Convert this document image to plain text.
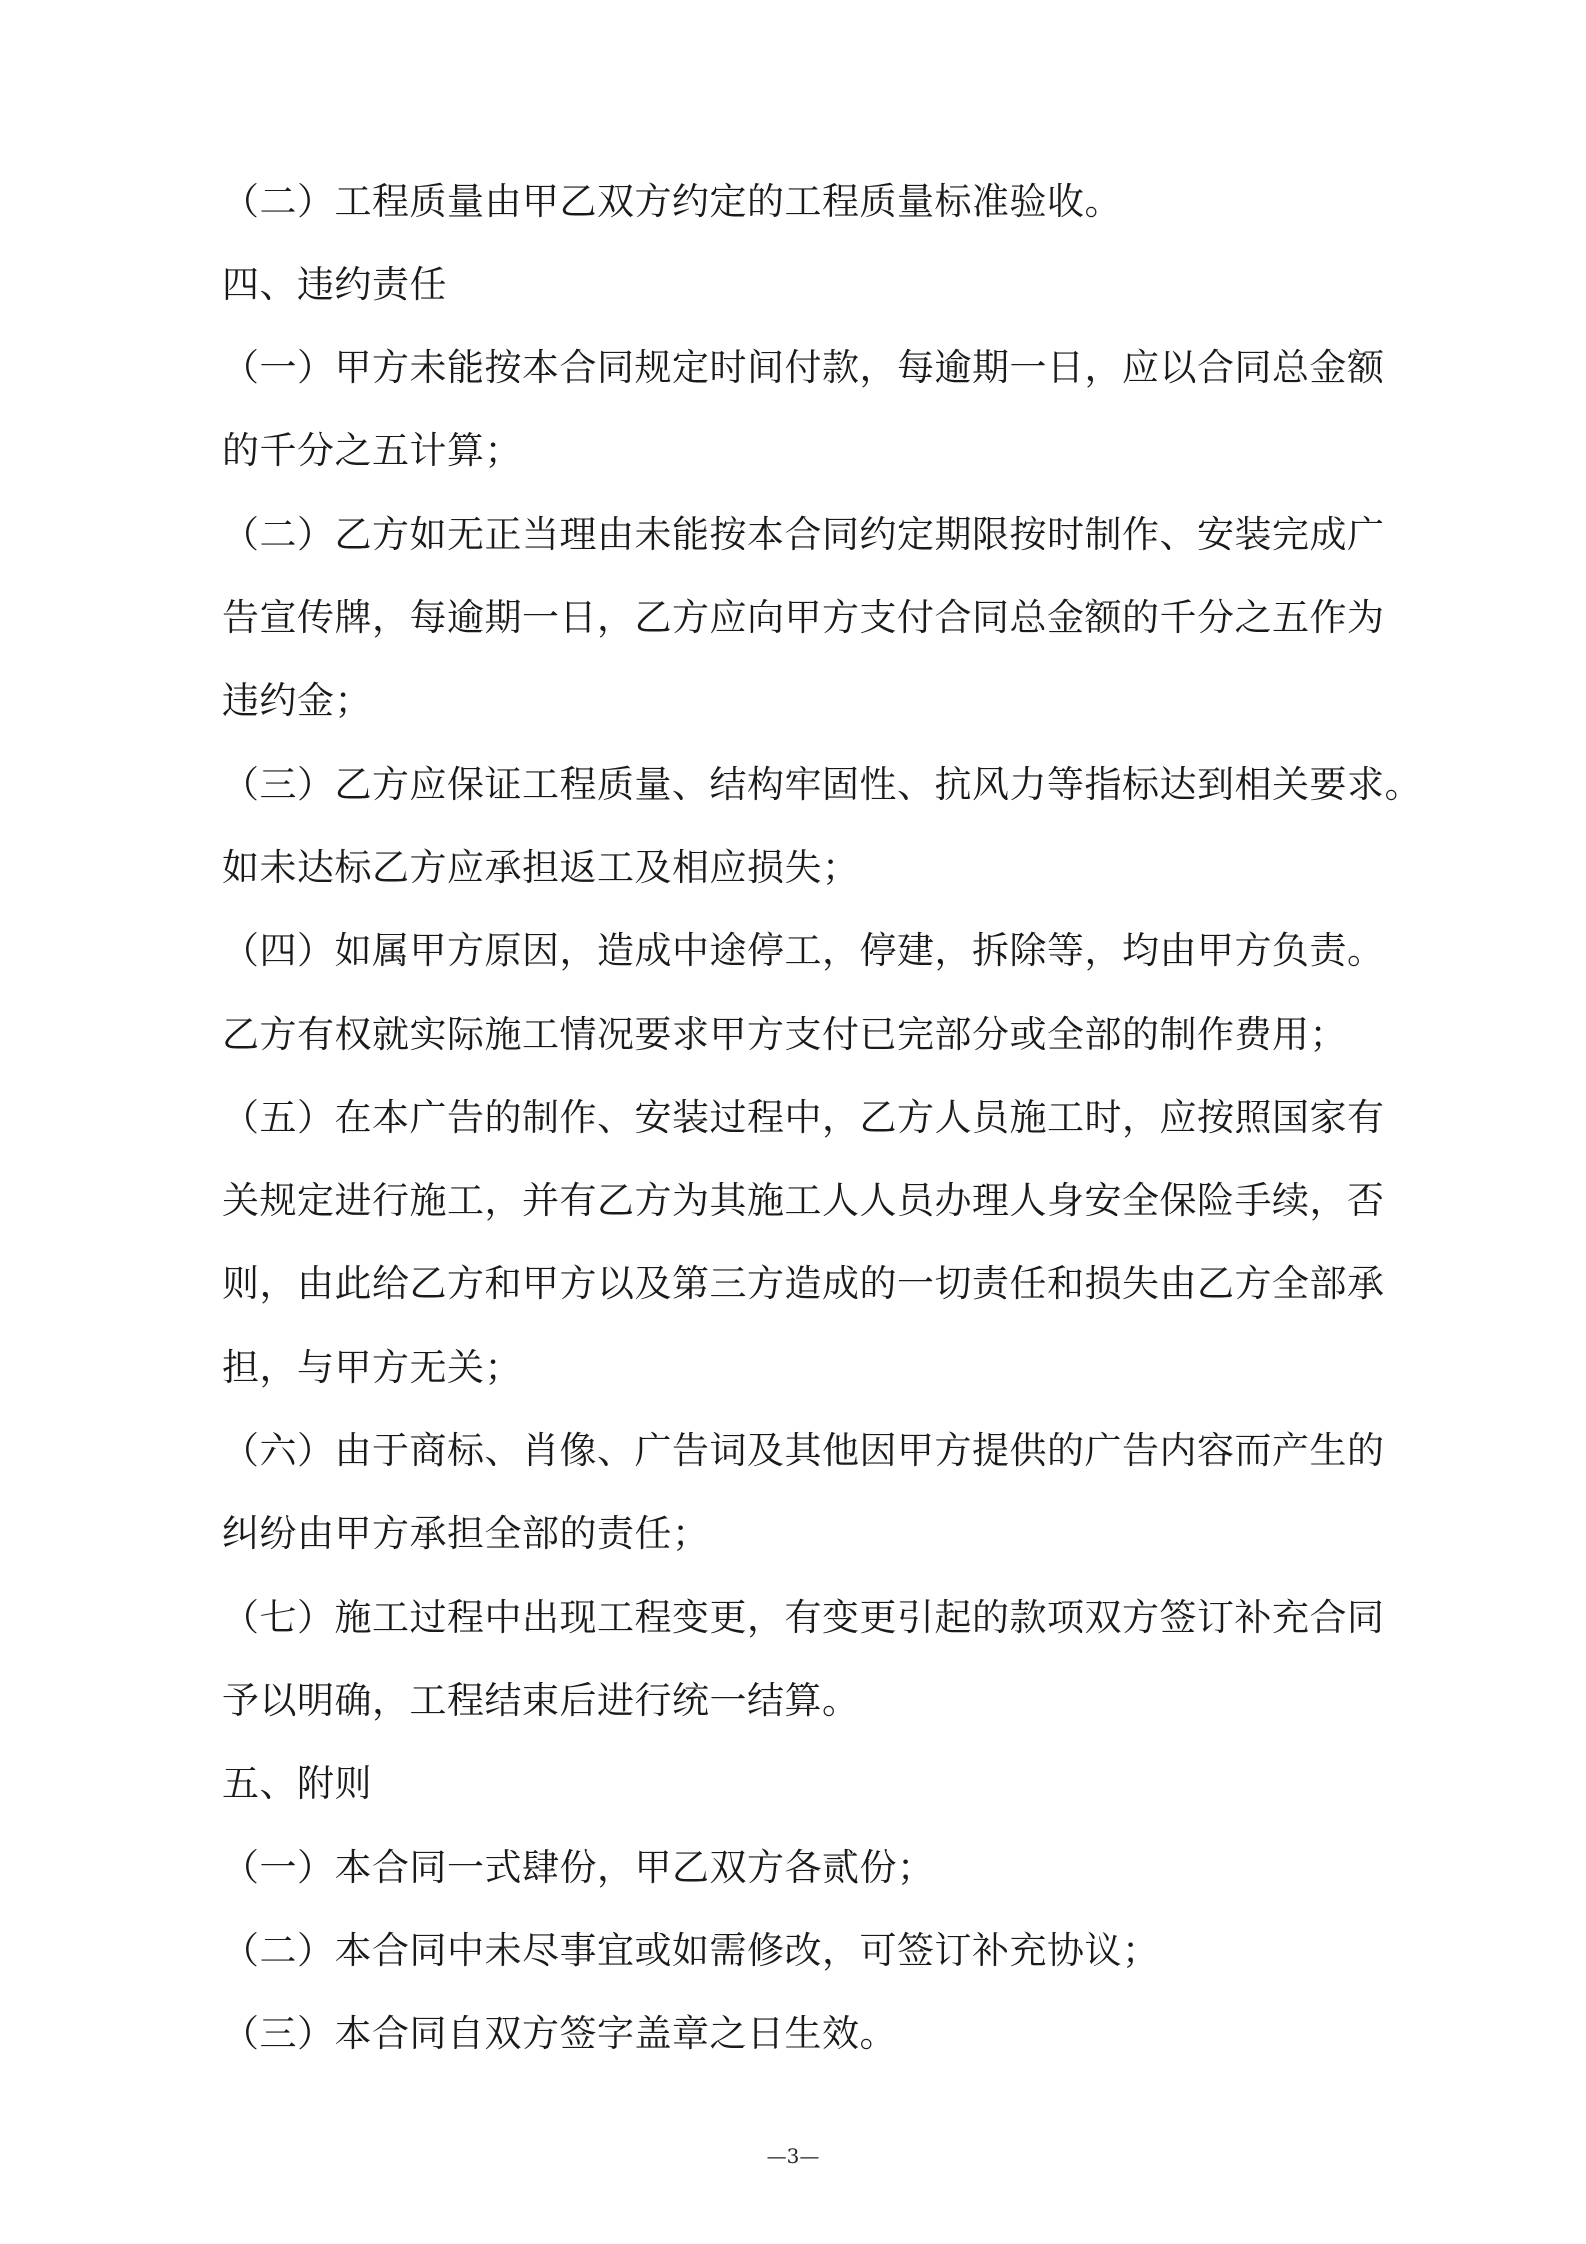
（二）工程质量由甲乙双方约定的工程质量标准验收。
四、违约责任
（一）甲方未能按本合同规定时间付款，每逾期一日，应以合同总金额
的千分之五计算；
（二）乙方如无正当理由未能按本合同约定期限按时制作、安装完成广
告宣传牌，每逾期一日，乙方应向甲方支付合同总金额的千分之五作为
违约金；
（三）乙方应保证工程质量、结构牢固性、抗风力等指标达到相关要求。
如未达标乙方应承担返工及相应损失；
（四）如属甲方原因，造成中途停工，停建，拆除等，均由甲方负责。
乙方有权就实际施工情况要求甲方支付已完部分或全部的制作费用；
（五）在本广告的制作、安装过程中，乙方人员施工时，应按照国家有
关规定进行施工，并有乙方为其施工人人员办理人身安全保险手续，否
则，由此给乙方和甲方以及第三方造成的一切责任和损失由乙方全部承
担，与甲方无关；
（六）由于商标、肖像、广告词及其他因甲方提供的广告内容而产生的
纠纷由甲方承担全部的责任；
（七）施工过程中出现工程变更，有变更引起的款项双方签订补充合同
予以明确，工程结束后进行统一结算。
五、附则
（一）本合同一式肆份，甲乙双方各贰份；
（二）本合同中未尽事宜或如需修改，可签订补充协议；
（三）本合同自双方签字盖章之日生效。
—3—
